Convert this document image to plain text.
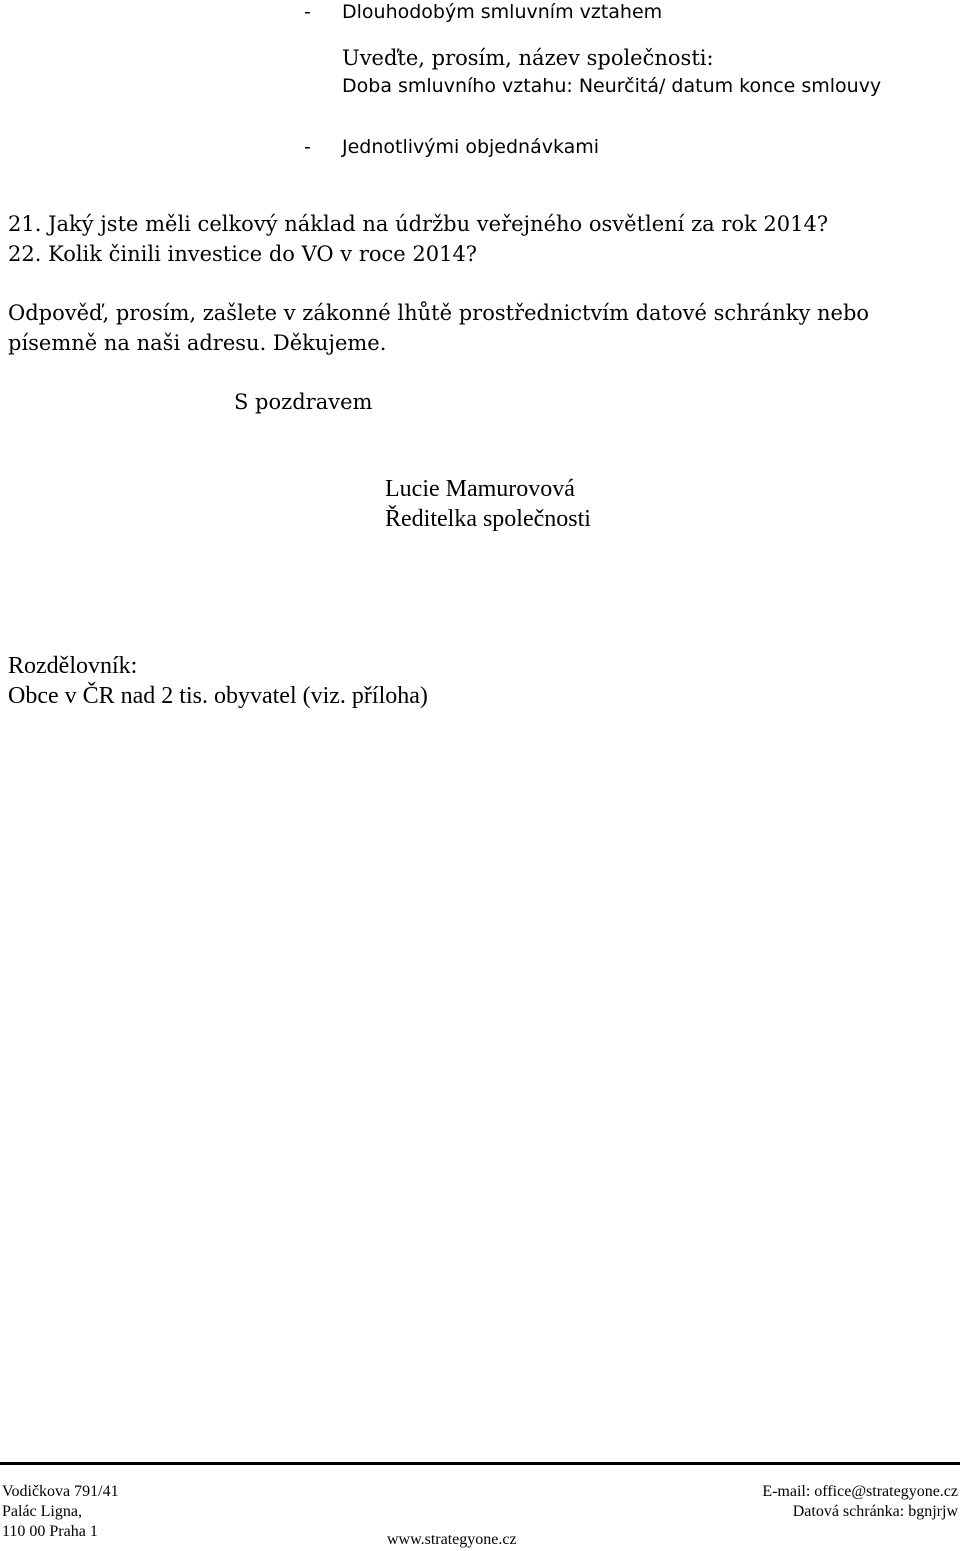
- Dlouhodobým smluvním vztahem
Uveďte, prosím, název společnosti:
Doba smluvního vztahu: Neurčitá/ datum konce smlouvy
- Jednotlivými objednávkami
21. Jaký jste měli celkový náklad na údržbu veřejného osvětlení za rok 2014?
22. Kolik činili investice do VO v roce 2014?
Odpověď, prosím, zašlete v zákonné lhůtě prostřednictvím datové schránky nebo
písemně na naši adresu. Děkujeme.
S pozdravem
Lucie Mamurovová
Ředitelka společnosti
Rozdělovník:
Obce v ČR nad 2 tis. obyvatel (viz. příloha)
Vodičkova 791/41
Palác Ligna,
110 00 Praha 1
E-mail: office@strategyone.cz
Datová schránka: bgnjrjw
www.strategyone.cz
